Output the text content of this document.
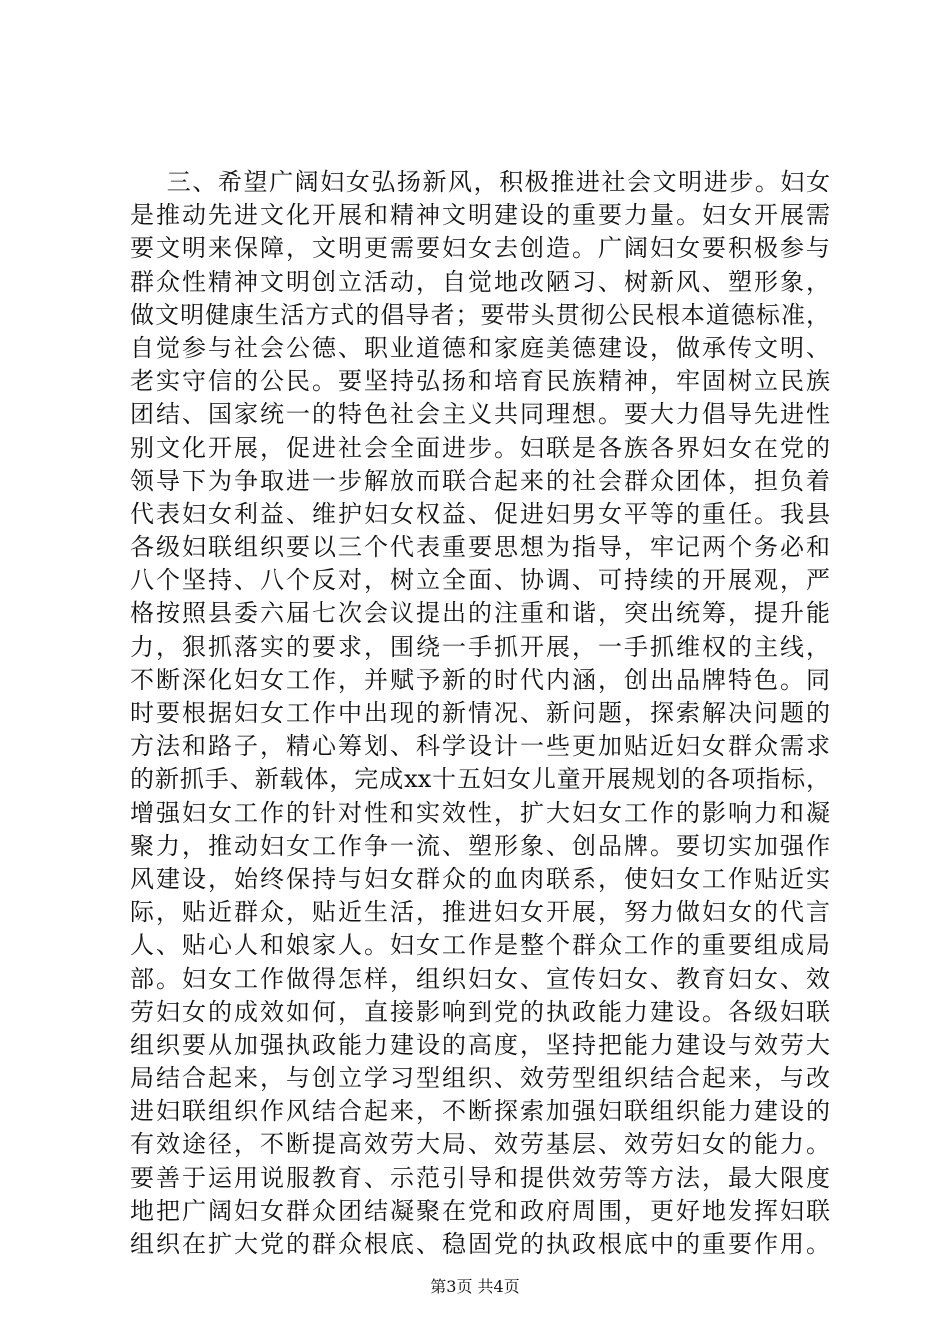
三、希望广阔妇女弘扬新风，积极推进社会文明进步。妇女
是推动先进文化开展和精神文明建设的重要力量。妇女开展需
要文明来保障，文明更需要妇女去创造。广阔妇女要积极参与
群众性精神文明创立活动，自觉地改陋习、树新风、塑形象，
做文明健康生活方式的倡导者；要带头贯彻公民根本道德标准，
自觉参与社会公德、职业道德和家庭美德建设，做承传文明、
老实守信的公民。要坚持弘扬和培育民族精神，牢固树立民族
团结、国家统一的特色社会主义共同理想。要大力倡导先进性
别文化开展，促进社会全面进步。妇联是各族各界妇女在党的
领导下为争取进一步解放而联合起来的社会群众团体，担负着
代表妇女利益、维护妇女权益、促进妇男女平等的重任。我县
各级妇联组织要以三个代表重要思想为指导，牢记两个务必和
八个坚持、八个反对，树立全面、协调、可持续的开展观，严
格按照县委六届七次会议提出的注重和谐，突出统筹，提升能
力，狠抓落实的要求，围绕一手抓开展，一手抓维权的主线，
不断深化妇女工作，并赋予新的时代内涵，创出品牌特色。同
时要根据妇女工作中出现的新情况、新问题，探索解决问题的
方法和路子，精心筹划、科学设计一些更加贴近妇女群众需求
的新抓手、新载体，完成xx十五妇女儿童开展规划的各项指标，
增强妇女工作的针对性和实效性，扩大妇女工作的影响力和凝
聚力，推动妇女工作争一流、塑形象、创品牌。要切实加强作
风建设，始终保持与妇女群众的血肉联系，使妇女工作贴近实
际，贴近群众，贴近生活，推进妇女开展，努力做妇女的代言
人、贴心人和娘家人。妇女工作是整个群众工作的重要组成局
部。妇女工作做得怎样，组织妇女、宣传妇女、教育妇女、效
劳妇女的成效如何，直接影响到党的执政能力建设。各级妇联
组织要从加强执政能力建设的高度，坚持把能力建设与效劳大
局结合起来，与创立学习型组织、效劳型组织结合起来，与改
进妇联组织作风结合起来，不断探索加强妇联组织能力建设的
有效途径，不断提高效劳大局、效劳基层、效劳妇女的能力。
要善于运用说服教育、示范引导和提供效劳等方法，最大限度
地把广阔妇女群众团结凝聚在党和政府周围，更好地发挥妇联
组织在扩大党的群众根底、稳固党的执政根底中的重要作用。
第3页 共4页
